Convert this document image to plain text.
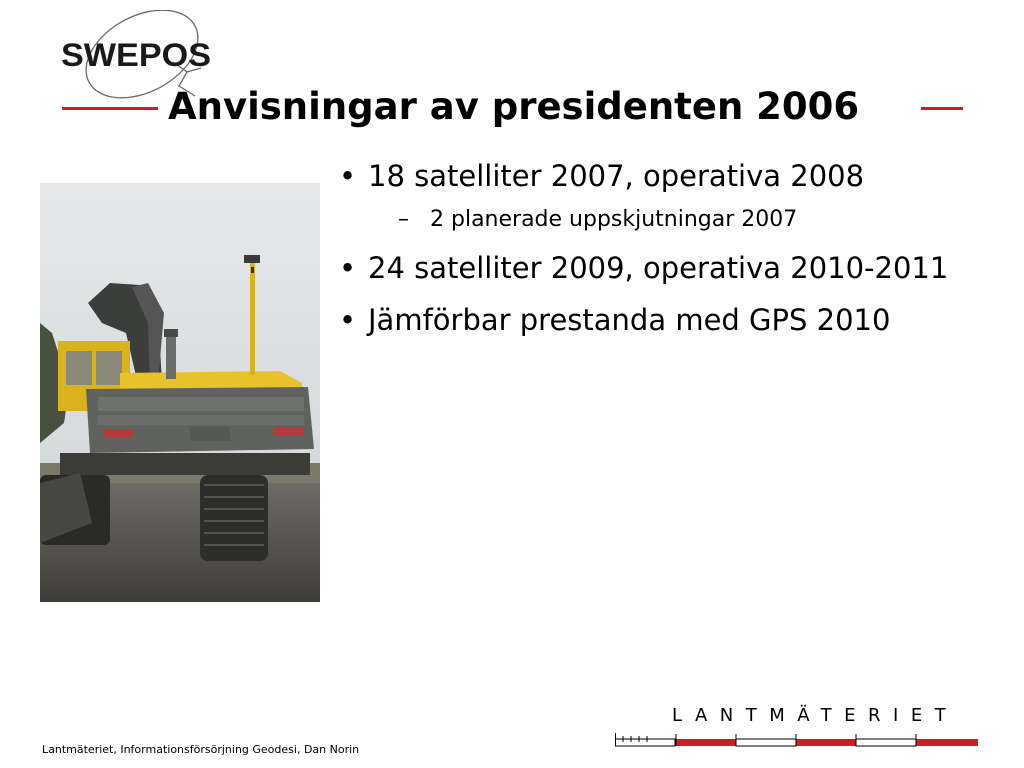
SWEPOS
Anvisningar av presidenten 2006
• 18 satelliter 2007, operativa 2008
– 2 planerade uppskjutningar 2007
• 24 satelliter 2009, operativa 2010-2011
• Jämförbar prestanda med GPS 2010
Lantmäteriet, Informationsförsörjning Geodesi, Dan Norin
LANTMÄTERIET
